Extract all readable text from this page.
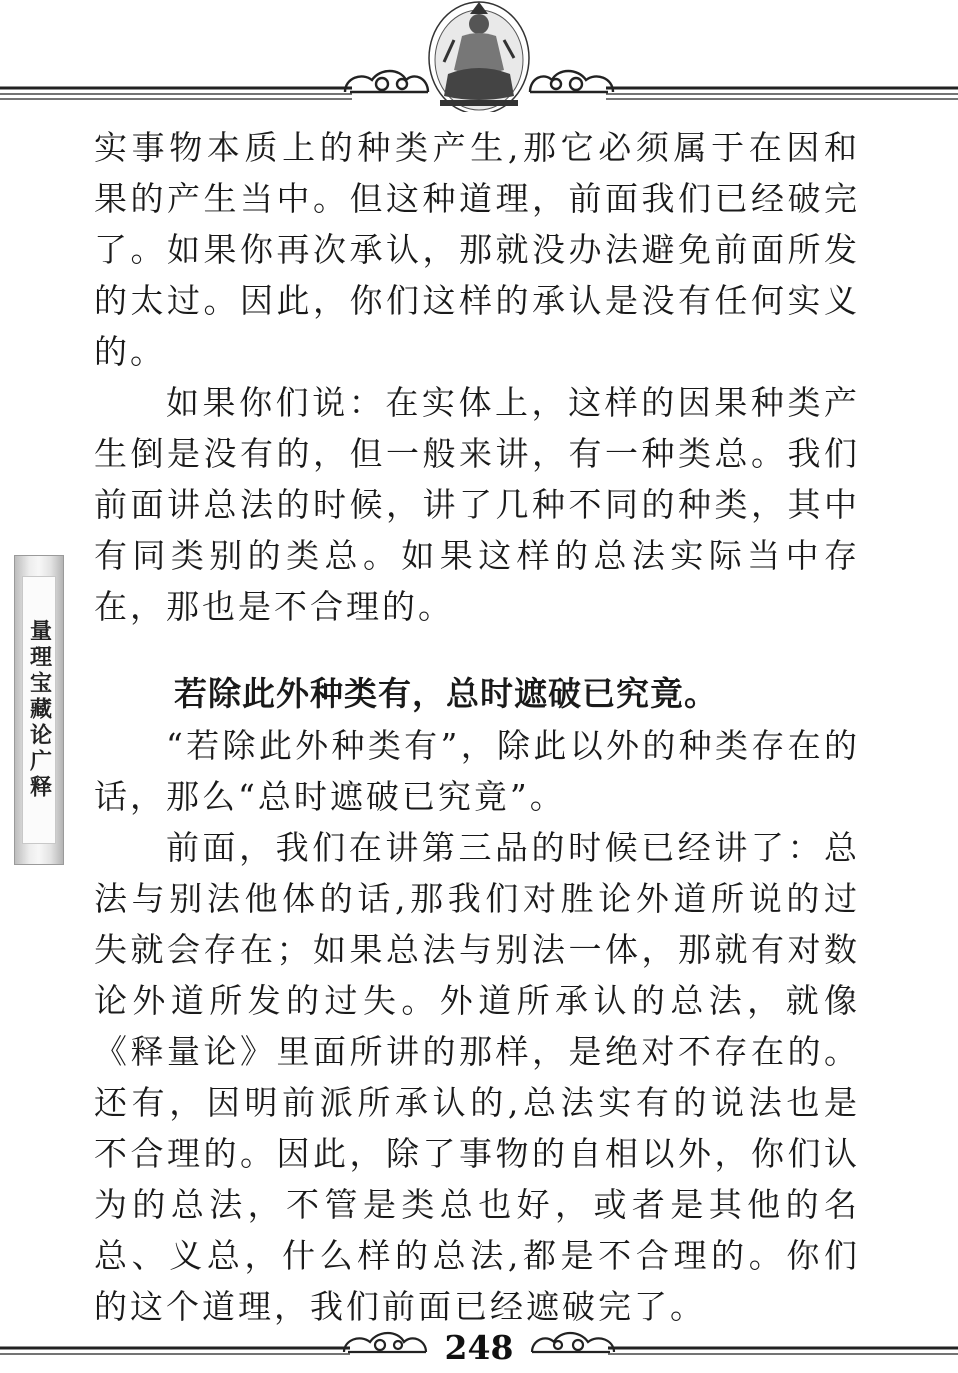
量理宝藏论广释

实事物本质上的种类产生,那它必须属于在因和果的产生当中。但这种道理，前面我们已经破完了。如果你再次承认，那就没办法避免前面所发的太过。因此，你们这样的承认是没有任何实义的。

如果你们说：在实体上，这样的因果种类产生倒是没有的，但一般来讲，有一种类总。我们前面讲总法的时候，讲了几种不同的种类，其中有同类别的类总。如果这样的总法实际当中存在，那也是不合理的。

若除此外种类有，总时遮破已究竟。

“若除此外种类有”，除此以外的种类存在的话，那么“总时遮破已究竟”。

前面，我们在讲第三品的时候已经讲了：总法与别法他体的话,那我们对胜论外道所说的过失就会存在；如果总法与别法一体，那就有对数论外道所发的过失。外道所承认的总法，就像《释量论》里面所讲的那样，是绝对不存在的。还有，因明前派所承认的,总法实有的说法也是不合理的。因此，除了事物的自相以外，你们认为的总法，不管是类总也好，或者是其他的名总、义总，什么样的总法,都是不合理的。你们的这个道理，我们前面已经遮破完了。

248
